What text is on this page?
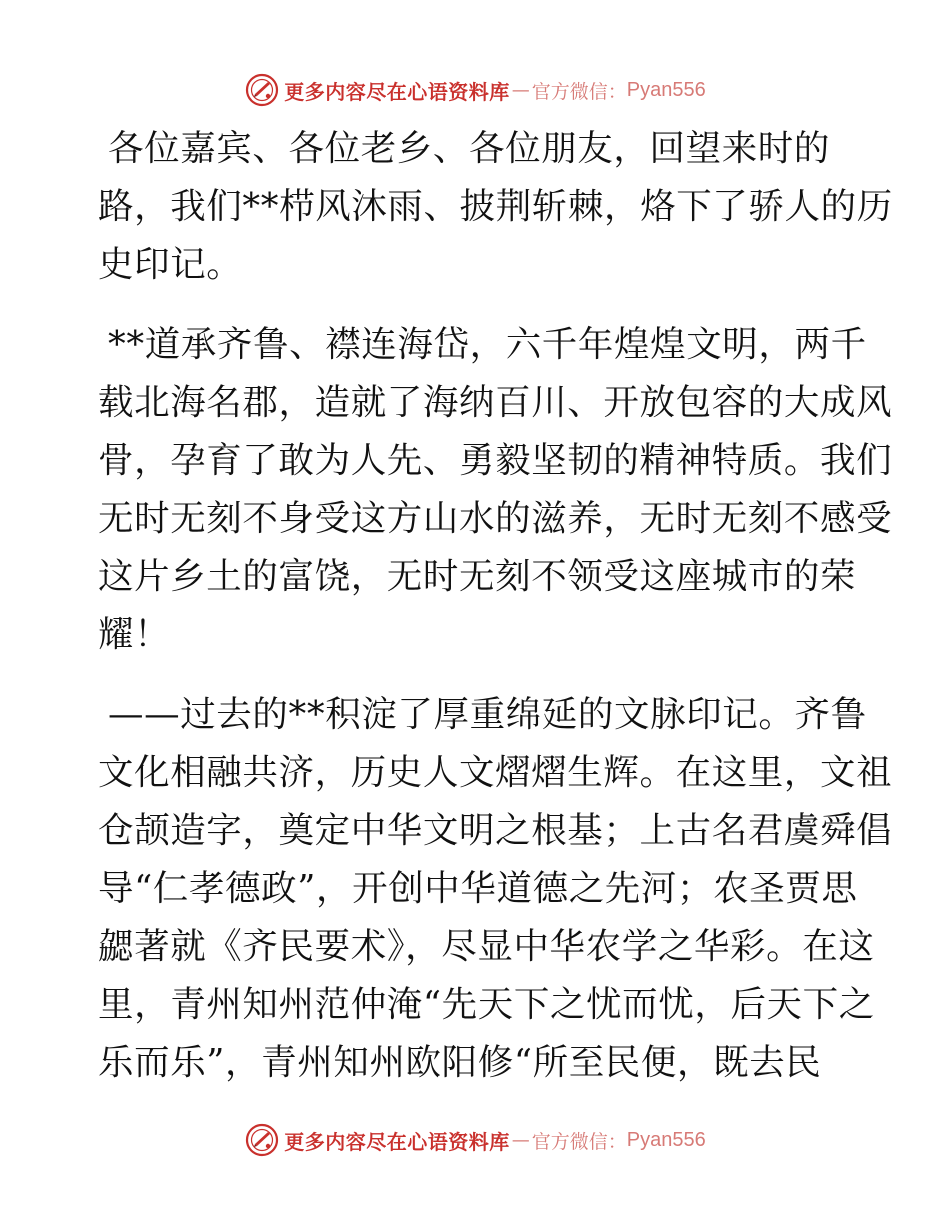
更多内容尽在心语资料库 — 官方微信： Pyan556

各位嘉宾、各位老乡、各位朋友，回望来时的
路，我们**栉风沐雨、披荆斩棘，烙下了骄人的历
史印记。

**道承齐鲁、襟连海岱，六千年煌煌文明，两千
载北海名郡，造就了海纳百川、开放包容的大成风
骨，孕育了敢为人先、勇毅坚韧的精神特质。我们
无时无刻不身受这方山水的滋养，无时无刻不感受
这片乡土的富饶，无时无刻不领受这座城市的荣
耀！

——过去的**积淀了厚重绵延的文脉印记。齐鲁
文化相融共济，历史人文熠熠生辉。在这里，文祖
仓颉造字，奠定中华文明之根基；上古名君虞舜倡
导“仁孝德政”，开创中华道德之先河；农圣贾思
勰著就《齐民要术》，尽显中华农学之华彩。在这
里，青州知州范仲淹“先天下之忧而忧，后天下之
乐而乐”，青州知州欧阳修“所至民便，既去民

更多内容尽在心语资料库 — 官方微信： Pyan556
